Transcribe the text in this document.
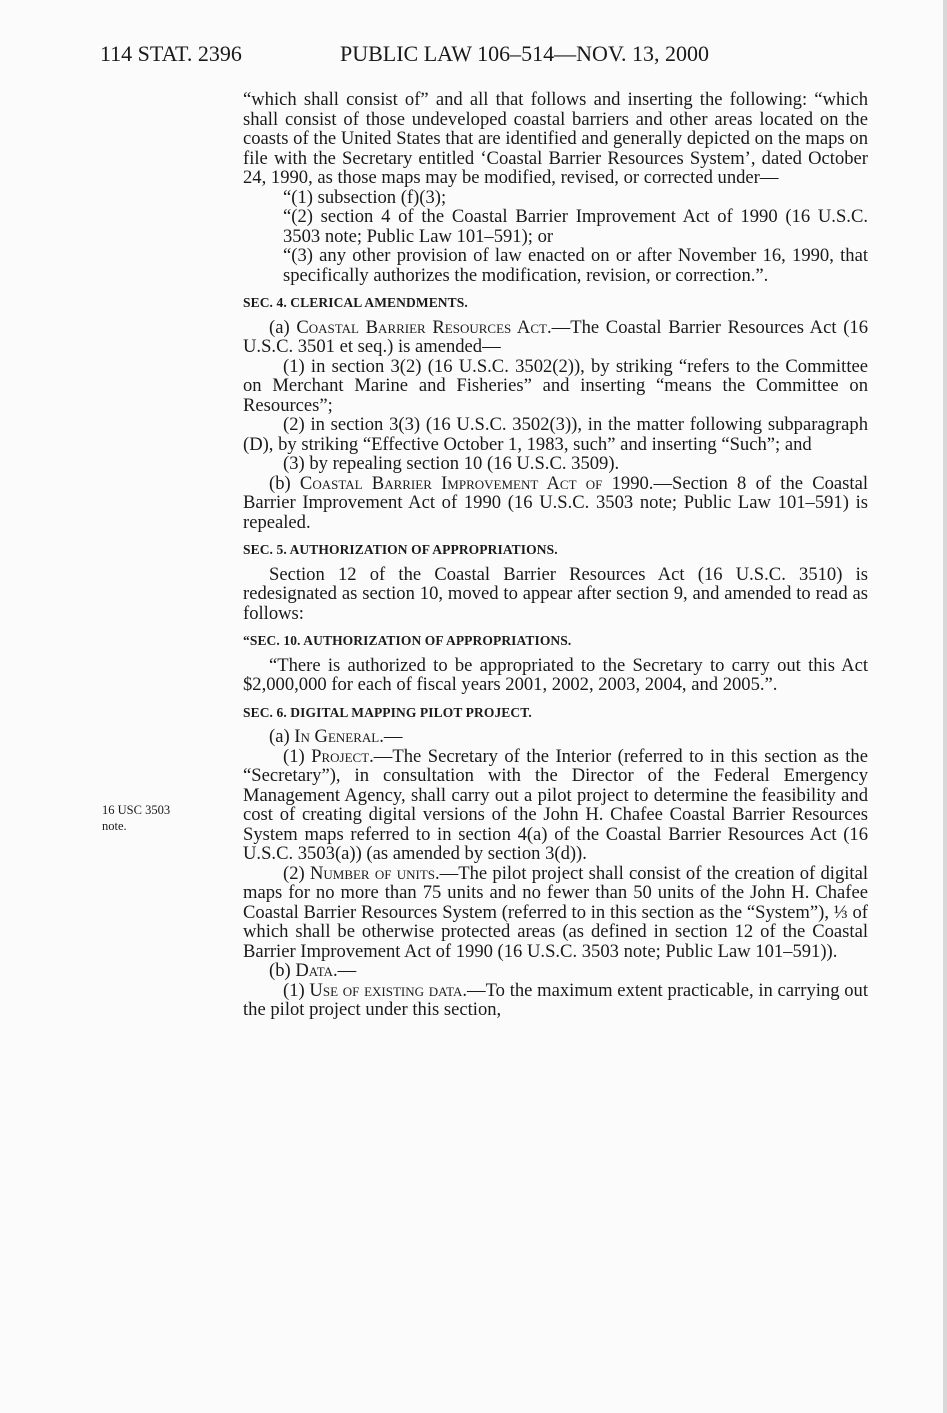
114 STAT. 2396	PUBLIC LAW 106–514—NOV. 13, 2000
16 USC 3503
note.

“which shall consist of” and all that follows and inserting the following: “which shall consist of those undeveloped coastal barriers and other areas located on the coasts of the United States that are identified and generally depicted on the maps on file with the Secretary entitled ‘Coastal Barrier Resources System’, dated October 24, 1990, as those maps may be modified, revised, or corrected under—

“(1) subsection (f)(3);

“(2) section 4 of the Coastal Barrier Improvement Act of 1990 (16 U.S.C. 3503 note; Public Law 101–591); or

“(3) any other provision of law enacted on or after November 16, 1990, that specifically authorizes the modification, revision, or correction.”.

SEC. 4. CLERICAL AMENDMENTS.

(a) Coastal Barrier Resources Act.—The Coastal Barrier Resources Act (16 U.S.C. 3501 et seq.) is amended—

(1) in section 3(2) (16 U.S.C. 3502(2)), by striking “refers to the Committee on Merchant Marine and Fisheries” and inserting “means the Committee on Resources”;

(2) in section 3(3) (16 U.S.C. 3502(3)), in the matter following subparagraph (D), by striking “Effective October 1, 1983, such” and inserting “Such”; and

(3) by repealing section 10 (16 U.S.C. 3509).

(b) Coastal Barrier Improvement Act of 1990.—Section 8 of the Coastal Barrier Improvement Act of 1990 (16 U.S.C. 3503 note; Public Law 101–591) is repealed.

SEC. 5. AUTHORIZATION OF APPROPRIATIONS.

Section 12 of the Coastal Barrier Resources Act (16 U.S.C. 3510) is redesignated as section 10, moved to appear after section 9, and amended to read as follows:

“SEC. 10. AUTHORIZATION OF APPROPRIATIONS.

“There is authorized to be appropriated to the Secretary to carry out this Act $2,000,000 for each of fiscal years 2001, 2002, 2003, 2004, and 2005.”.

SEC. 6. DIGITAL MAPPING PILOT PROJECT.

(a) In General.—

(1) Project.—The Secretary of the Interior (referred to in this section as the “Secretary”), in consultation with the Director of the Federal Emergency Management Agency, shall carry out a pilot project to determine the feasibility and cost of creating digital versions of the John H. Chafee Coastal Barrier Resources System maps referred to in section 4(a) of the Coastal Barrier Resources Act (16 U.S.C. 3503(a)) (as amended by section 3(d)).

(2) Number of units.—The pilot project shall consist of the creation of digital maps for no more than 75 units and no fewer than 50 units of the John H. Chafee Coastal Barrier Resources System (referred to in this section as the “System”), ⅓ of which shall be otherwise protected areas (as defined in section 12 of the Coastal Barrier Improvement Act of 1990 (16 U.S.C. 3503 note; Public Law 101–591)).

(b) Data.—

(1) Use of existing data.—To the maximum extent practicable, in carrying out the pilot project under this section,
